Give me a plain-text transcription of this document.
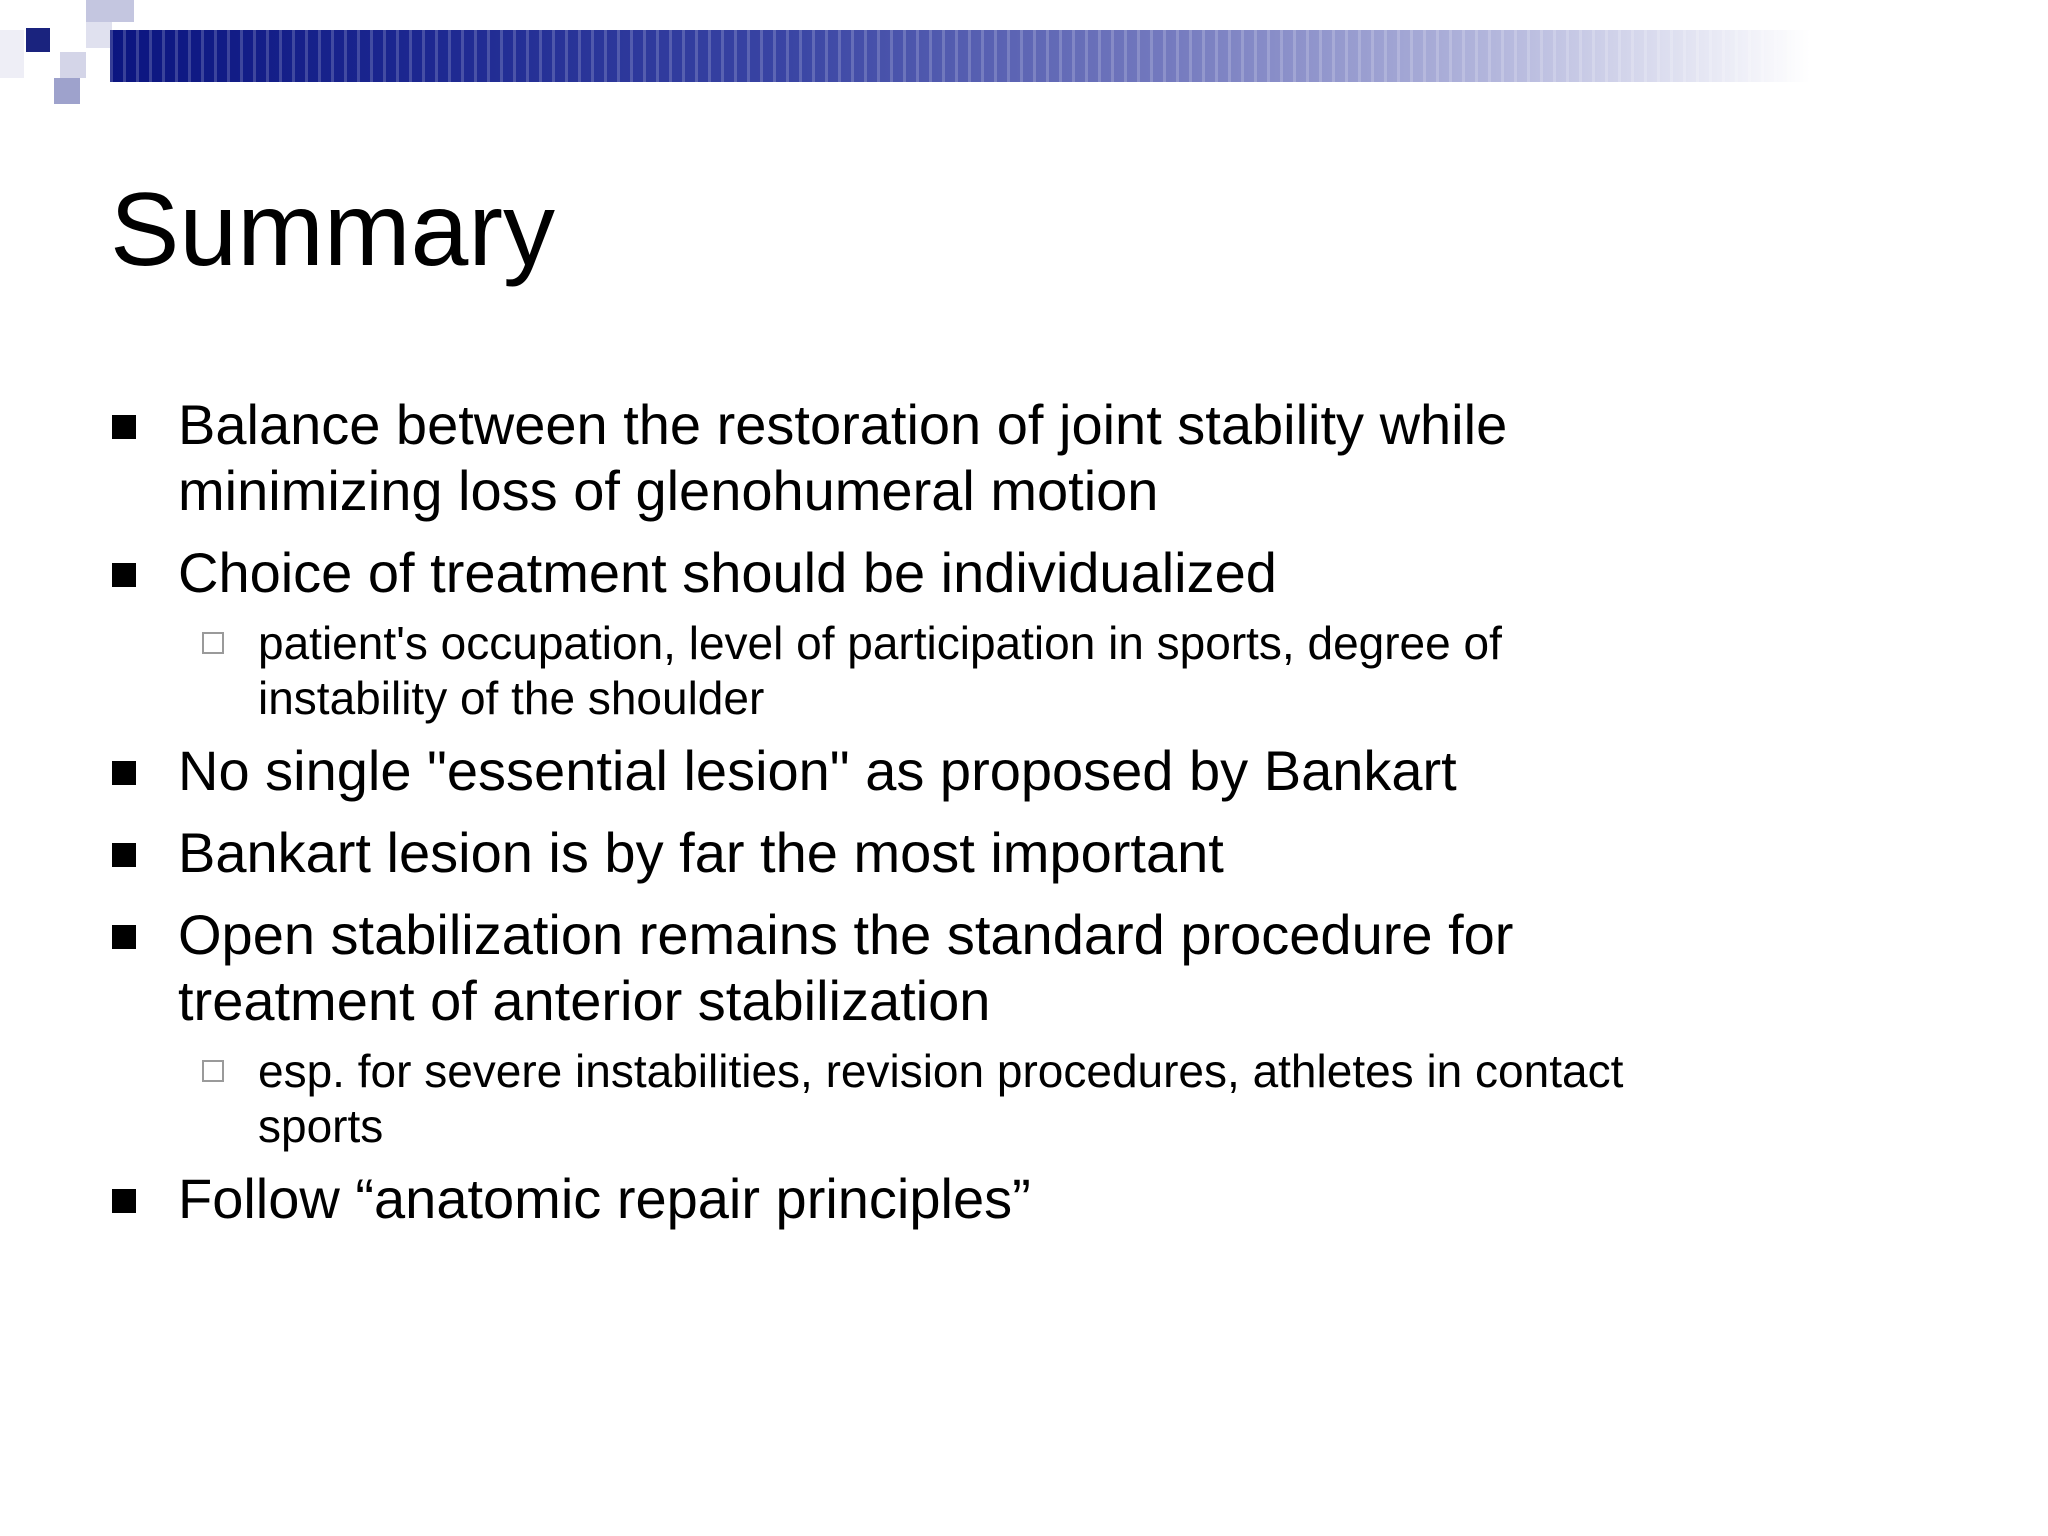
Summary
Balance between the restoration of joint stability while minimizing loss of glenohumeral motion
Choice of treatment should be individualized
patient's occupation, level of participation in sports, degree of instability of the shoulder
No single "essential lesion" as proposed by Bankart
Bankart lesion is by far the most important
Open stabilization remains the standard procedure for treatment of anterior stabilization
esp. for severe instabilities, revision procedures, athletes in contact sports
Follow “anatomic repair principles”
